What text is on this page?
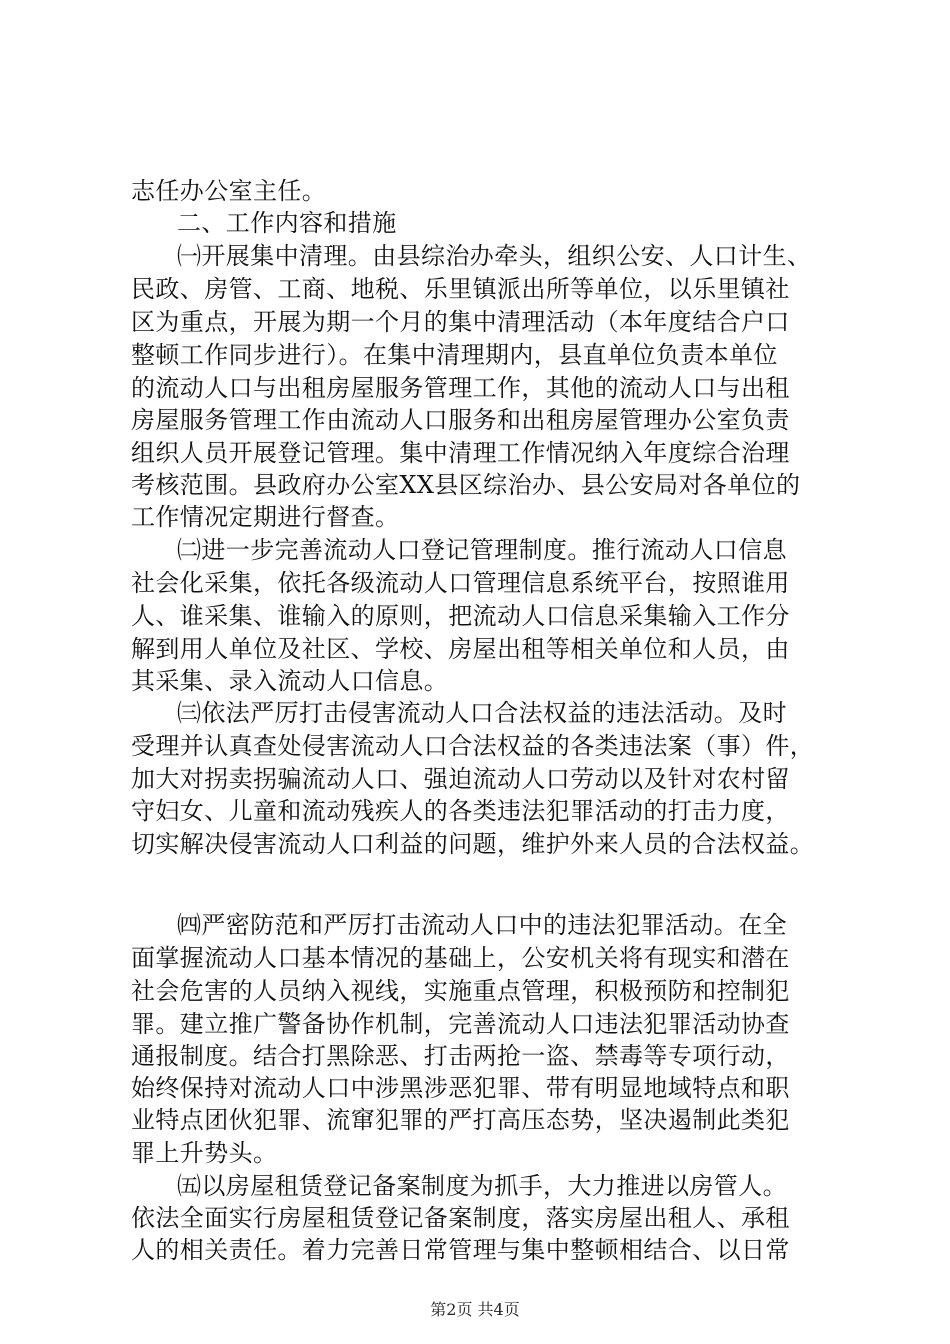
志任办公室主任。
二、工作内容和措施
㈠开展集中清理。由县综治办牵头，组织公安、人口计生、
民政、房管、工商、地税、乐里镇派出所等单位，以乐里镇社
区为重点，开展为期一个月的集中清理活动（本年度结合户口
整顿工作同步进行）。在集中清理期内，县直单位负责本单位
的流动人口与出租房屋服务管理工作，其他的流动人口与出租
房屋服务管理工作由流动人口服务和出租房屋管理办公室负责
组织人员开展登记管理。集中清理工作情况纳入年度综合治理
考核范围。县政府办公室XX县区综治办、县公安局对各单位的
工作情况定期进行督查。
㈡进一步完善流动人口登记管理制度。推行流动人口信息
社会化采集，依托各级流动人口管理信息系统平台，按照谁用
人、谁采集、谁输入的原则，把流动人口信息采集输入工作分
解到用人单位及社区、学校、房屋出租等相关单位和人员，由
其采集、录入流动人口信息。
㈢依法严厉打击侵害流动人口合法权益的违法活动。及时
受理并认真查处侵害流动人口合法权益的各类违法案（事）件，
加大对拐卖拐骗流动人口、强迫流动人口劳动以及针对农村留
守妇女、儿童和流动残疾人的各类违法犯罪活动的打击力度，
切实解决侵害流动人口利益的问题，维护外来人员的合法权益。
㈣严密防范和严厉打击流动人口中的违法犯罪活动。在全
面掌握流动人口基本情况的基础上，公安机关将有现实和潜在
社会危害的人员纳入视线，实施重点管理，积极预防和控制犯
罪。建立推广警备协作机制，完善流动人口违法犯罪活动协查
通报制度。结合打黑除恶、打击两抢一盗、禁毒等专项行动，
始终保持对流动人口中涉黑涉恶犯罪、带有明显地域特点和职
业特点团伙犯罪、流窜犯罪的严打高压态势，坚决遏制此类犯
罪上升势头。
㈤以房屋租赁登记备案制度为抓手，大力推进以房管人。
依法全面实行房屋租赁登记备案制度，落实房屋出租人、承租
人的相关责任。着力完善日常管理与集中整顿相结合、以日常
第2页 共4页
